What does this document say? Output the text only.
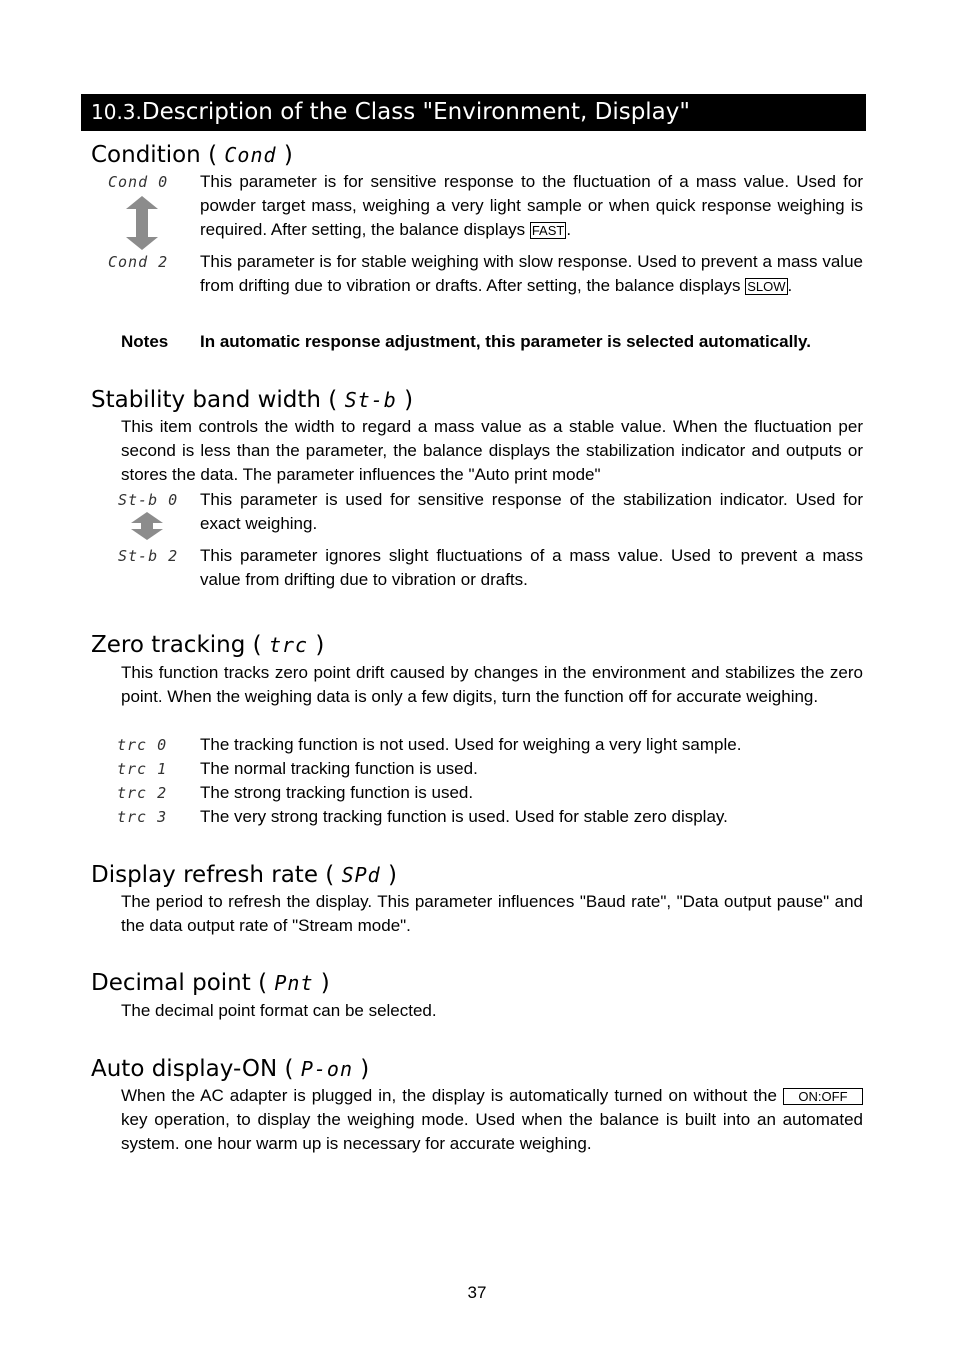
10.3.Description of the Class "Environment, Display"
Condition ( Cond )
Cond 0 This parameter is for sensitive response to the fluctuation of a mass value. Used for powder target mass, weighing a very light sample or when quick response weighing is required. After setting, the balance displays FAST .
Cond 2 This parameter is for stable weighing with slow response. Used to prevent a mass value from drifting due to vibration or drafts. After setting, the balance displays SLOW .
Notes In automatic response adjustment, this parameter is selected automatically.
Stability band width ( St-b )
This item controls the width to regard a mass value as a stable value. When the fluctuation per second is less than the parameter, the balance displays the stabilization indicator and outputs or stores the data. The parameter influences the "Auto print mode"
St-b 0 This parameter is used for sensitive response of the stabilization indicator. Used for exact weighing.
St-b 2 This parameter ignores slight fluctuations of a mass value. Used to prevent a mass value from drifting due to vibration or drafts.
Zero tracking ( trc )
This function tracks zero point drift caused by changes in the environment and stabilizes the zero point. When the weighing data is only a few digits, turn the function off for accurate weighing.
trc 0 The tracking function is not used. Used for weighing a very light sample.
trc 1 The normal tracking function is used.
trc 2 The strong tracking function is used.
trc 3 The very strong tracking function is used. Used for stable zero display.
Display refresh rate ( SPd )
The period to refresh the display. This parameter influences "Baud rate", "Data output pause" and the data output rate of "Stream mode".
Decimal point ( Pnt )
The decimal point format can be selected.
Auto display-ON ( P-on )
When the AC adapter is plugged in, the display is automatically turned on without the ON:OFF key operation, to display the weighing mode. Used when the balance is built into an automated system. one hour warm up is necessary for accurate weighing.
37
